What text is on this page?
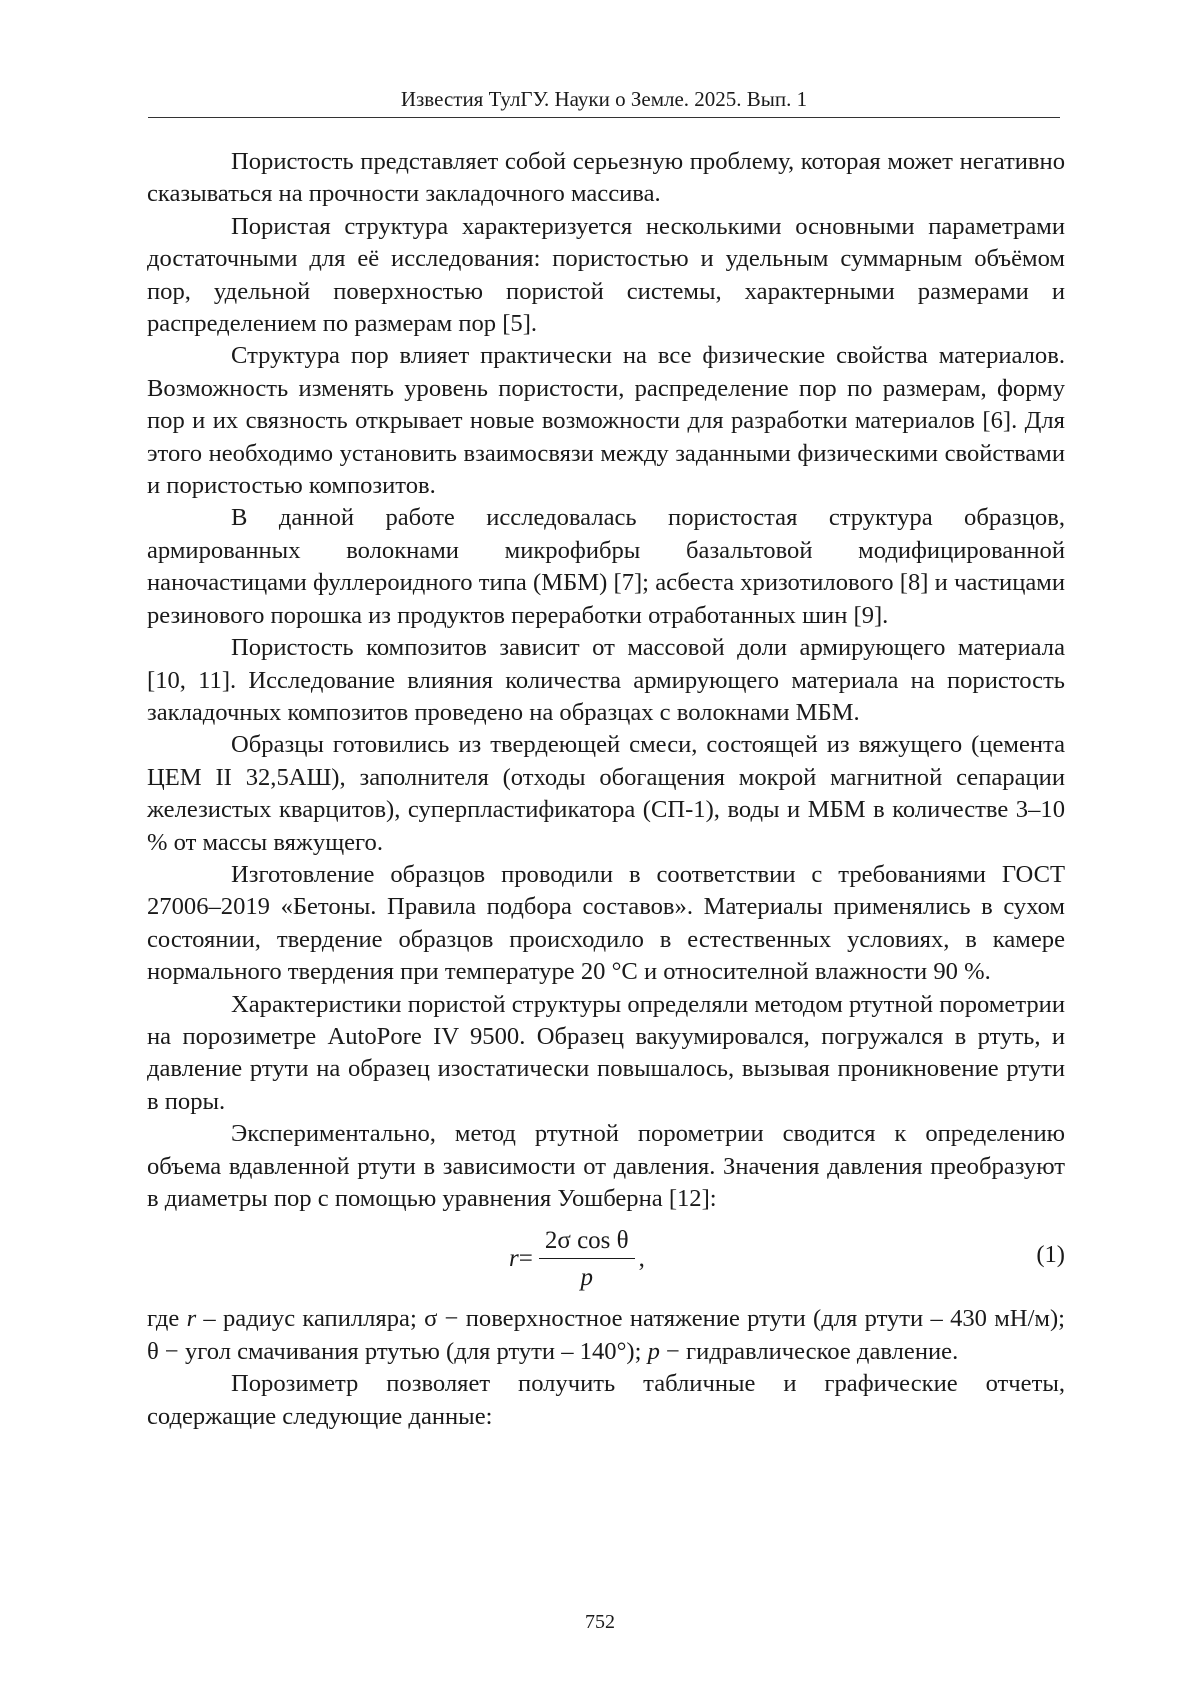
Известия ТулГУ. Науки о Земле. 2025. Вып. 1

Пористость представляет собой серьезную проблему, которая может негативно сказываться на прочности закладочного массива.

Пористая структура характеризуется несколькими основными параметрами достаточными для её исследования: пористостью и удельным суммарным объёмом пор, удельной поверхностью пористой системы, характерными размерами и распределением по размерам пор [5].

Структура пор влияет практически на все физические свойства материалов. Возможность изменять уровень пористости, распределение пор по размерам, форму пор и их связность открывает новые возможности для разработки материалов [6]. Для этого необходимо установить взаимосвязи между заданными физическими свойствами и пористостью композитов.

В данной работе исследовалась пористостая структура образцов, армированных волокнами микрофибры базальтовой модифицированной наночастицами фуллероидного типа (МБМ) [7]; асбеста хризотилового [8] и частицами резинового порошка из продуктов переработки отработанных шин [9].

Пористость композитов зависит от массовой доли армирующего материала [10, 11]. Исследование влияния количества армирующего материала на пористость закладочных композитов проведено на образцах с волокнами МБМ.

Образцы готовились из твердеющей смеси, состоящей из вяжущего (цемента ЦЕМ II 32,5АШ), заполнителя (отходы обогащения мокрой магнитной сепарации железистых кварцитов), суперпластификатора (СП-1), воды и МБМ в количестве 3–10 % от массы вяжущего.

Изготовление образцов проводили в соответствии с требованиями ГОСТ 27006–2019 «Бетоны. Правила подбора составов». Материалы применялись в сухом состоянии, твердение образцов происходило в естественных условиях, в камере нормального твердения при температуре 20 °С и относителной влажности 90 %.

Характеристики пористой структуры определяли методом ртутной порометрии на порозиметре AutoPore IV 9500. Образец вакуумировался, погружался в ртуть, и давление ртути на образец изостатически повышалось, вызывая проникновение ртути в поры.

Экспериментально, метод ртутной порометрии сводится к определению объема вдавленной ртути в зависимости от давления. Значения давления преобразуют в диаметры пор с помощью уравнения Уошберна [12]:

$r = \frac{\text{2σ cos θ}}{p}$ ,	(1)

где r – радиус капилляра; σ − поверхностное натяжение ртути (для ртути – 430 мН/м); θ − угол смачивания ртутью (для ртути – 140°); p − гидравлическое давление.

Порозиметр позволяет получить табличные и графические отчеты, содержащие следующие данные:

752
